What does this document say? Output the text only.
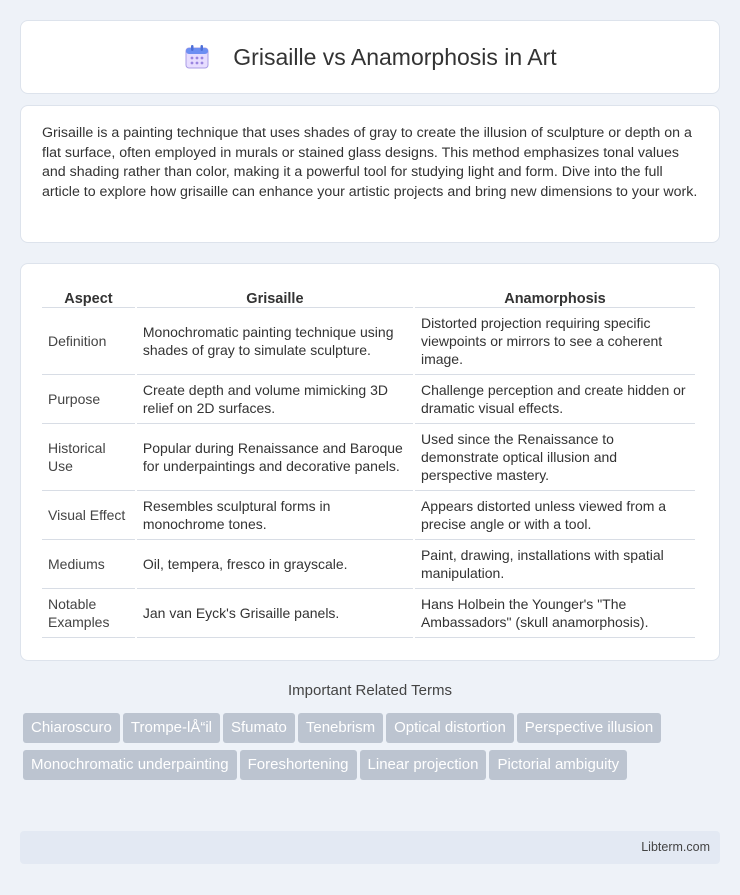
Grisaille vs Anamorphosis in Art

Grisaille is a painting technique that uses shades of gray to create the illusion of sculpture or depth on a flat surface, often employed in murals or stained glass designs. This method emphasizes tonal values and shading rather than color, making it a powerful tool for studying light and form. Dive into the full article to explore how grisaille can enhance your artistic projects and bring new dimensions to your work.

Aspect	Grisaille	Anamorphosis
Definition	Monochromatic painting technique using shades of gray to simulate sculpture.	Distorted projection requiring specific viewpoints or mirrors to see a coherent image.
Purpose	Create depth and volume mimicking 3D relief on 2D surfaces.	Challenge perception and create hidden or dramatic visual effects.
Historical Use	Popular during Renaissance and Baroque for underpaintings and decorative panels.	Used since the Renaissance to demonstrate optical illusion and perspective mastery.
Visual Effect	Resembles sculptural forms in monochrome tones.	Appears distorted unless viewed from a precise angle or with a tool.
Mediums	Oil, tempera, fresco in grayscale.	Paint, drawing, installations with spatial manipulation.
Notable Examples	Jan van Eyck's Grisaille panels.	Hans Holbein the Younger's "The Ambassadors" (skull anamorphosis).
Important Related Terms
Chiaroscuro Trompe-lÅ“il Sfumato Tenebrism Optical distortion Perspective illusionMonochromatic underpainting Foreshortening Linear projection Pictorial ambiguity
Libterm.com
